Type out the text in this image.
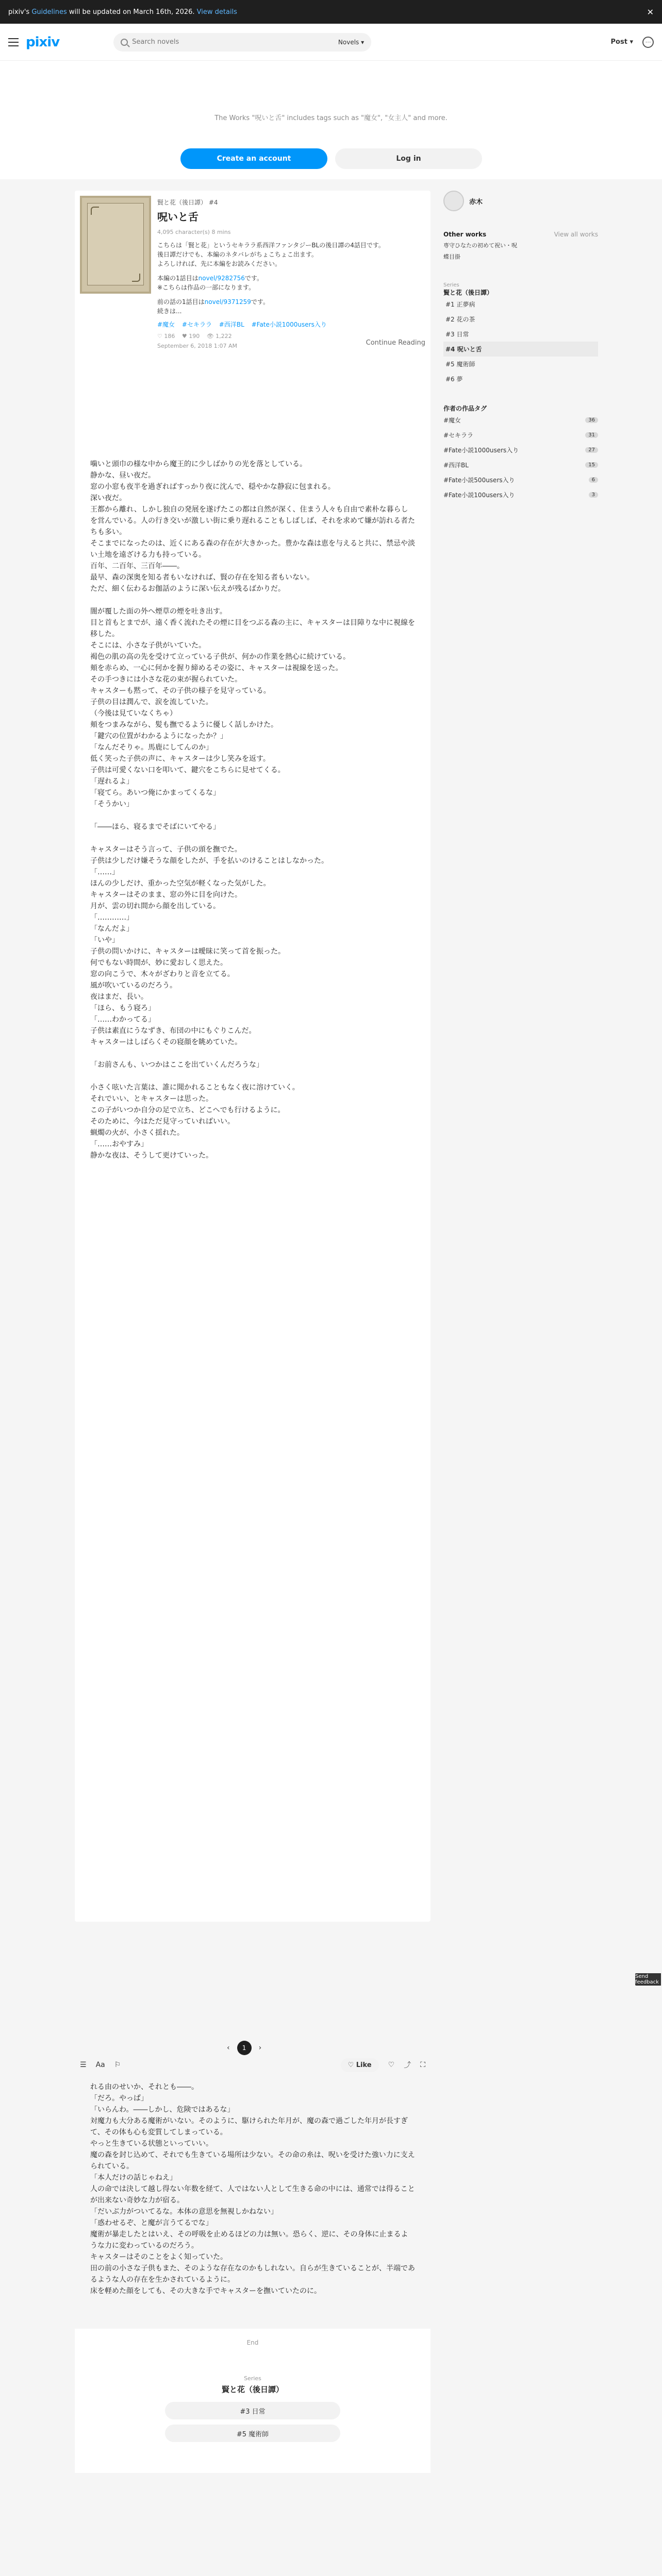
pixiv's Guidelines will be updated on March 16th, 2026. View details	✕
pixiv
Search novels	Novels ▾	Post ▾	⋯
The Works "呪いと舌" includes tags such as "魔女", "女主人" and more.
Create an account	Log in
賢と花（後日譚） #4
呪いと舌
4,095 character(s) 8 mins
こちらは「賢と花」というセキララ系西洋ファンタジーBLの後日譚の4話目です。
後日譚だけでも、本編のネタバレがちょこちょこ出ます。
よろしければ、先に本編をお読みください。
本編の1話目はnovel/9282756です。
※こちらは作品の一部になります。
前の話の1話目はnovel/9371259です。
続きは...
#魔女 #セキララ #西洋BL #Fate小説1000users入り
♡ 186 ♥ 190 👁 1,222
September 6, 2018 1:07 AM	Continue Reading

噛いと頭巾の様な中から魔王的に少しばかりの光を落としている。

静かな、昼い夜だ。

窓の小窓も夜半を過ぎればすっかり夜に沈んで、穏やかな静寂に包まれる。

深い夜だ。

王都から離れ、しかし独自の発展を遂げたこの都は自然が深く、住まう人々も自由で素朴な暮らしを営んでいる。人の行き交いが激しい街に乗り遅れることもしばしば、それを求めて嫌が訪れる者たちも多い。

そこまでになったのは、近くにある森の存在が大きかった。豊かな森は恵を与えると共に、禁忌や淡い土地を遠ざける力も持っている。

百年、二百年、三百年――。

最早、森の深奥を知る者もいなければ、賢の存在を知る者もいない。

ただ、細く伝わるお伽話のように深い伝えが残るばかりだ。

闇が覆した面の外へ煙草の煙を吐き出す。

目と首もとまでが、遠く香く流れたその煙に目をつぶる森の主に、キャスターは目障りな中に視線を移した。

そこには、小さな子供がいていた。

褐色の肌の高の先を受けて立っている子供が、何かの作業を熱心に続けている。

頬を赤らめ、一心に何かを握り締めるその姿に、キャスターは視線を送った。

その手つきには小さな花の束が握られていた。

キャスターも黙って、その子供の様子を見守っている。

子供の目は潤んで、涙を流していた。

（今後は見ていなくちゃ）

頬をつまみながら、髪も撫でるように優しく話しかけた。

「鍵穴の位置がわかるようになったか？」

「なんだそりゃ。馬鹿にしてんのか」

低く笑った子供の声に、キャスターは少し笑みを返す。

子供は可愛くない口を叩いて、鍵穴をこちらに見せてくる。

「遅れるよ」

「寝てら。あいつ俺にかまってくるな」

「そうかい」

「――ほら、寝るまでそばにいてやる」

キャスターはそう言って、子供の頭を撫でた。

子供は少しだけ嫌そうな顔をしたが、手を払いのけることはしなかった。

「……」

ほんの少しだけ、重かった空気が軽くなった気がした。

キャスターはそのまま、窓の外に目を向けた。

月が、雲の切れ間から顔を出している。

「…………」

「なんだよ」

「いや」

子供の問いかけに、キャスターは曖昧に笑って首を振った。

何でもない時間が、妙に愛おしく思えた。

窓の向こうで、木々がざわりと音を立てる。

風が吹いているのだろう。

夜はまだ、長い。

「ほら、もう寝ろ」

「……わかってる」

子供は素直にうなずき、布団の中にもぐりこんだ。

キャスターはしばらくその寝顔を眺めていた。

「お前さんも、いつかはここを出ていくんだろうな」

小さく呟いた言葉は、誰に聞かれることもなく夜に溶けていく。

それでいい、とキャスターは思った。

この子がいつか自分の足で立ち、どこへでも行けるように。

そのために、今はただ見守っていればいい。

蝋燭の火が、小さく揺れた。

「……おやすみ」

静かな夜は、そうして更けていった。

‹	1	›
☰ Aa ⚐	♡ Like	♡ ⤴ ⛶

れる由のせいか、それとも――。

「だろ。やっぱ」

「いらんわ。――しかし、危険ではあるな」

対魔力も大分ある魔術がいない。そのように、駆けられた年月が、魔の森で過ごした年月が長すぎて、その体も心も変質してしまっている。

やっと生きている状態といっていい。

魔の森を封じ込めて、それでも生きている場所は少ない。その命の糸は、呪いを受けた強い力に支えられている。

「本人だけの話じゃねえ」

人の命では決して越し得ない年数を経て、人ではない人として生きる命の中には、通常では得ることが出来ない奇妙な力が宿る。

「だいぶ力がついてるな。本体の意思を無視しかねない」

「惑わせるぞ、と魔が言うてるでな」

魔術が暴走したとはいえ、その呼吸を止めるほどの力は無い。恐らく、逆に、その身体に止まるような力に変わっているのだろう。

キャスターはそのことをよく知っていた。

田の前の小さな子供もまた、そのような存在なのかもしれない。自らが生きていることが、半端であるような人の存在を生かされているように。

床を軽めた顔をしても、その大きな手でキャスターを撫いていたのに。

End
Series
賢と花（後日譚）
#3 日常
#5 魔術師
赤木
Other works	View all works
専守ひなたの初めて祝い・呪
蝶目掛
Series
賢と花（後日譚）
#1 正夢病
#2 花の茶
#3 日常
#4 呪いと舌
#5 魔術師
#6 夢
作者の作品タグ
#魔女	36
#セキララ	31
#Fate小説1000users入り	27
#西洋BL	15
#Fate小説500users入り	6
#Fate小説100users入り	3
Send feedback
